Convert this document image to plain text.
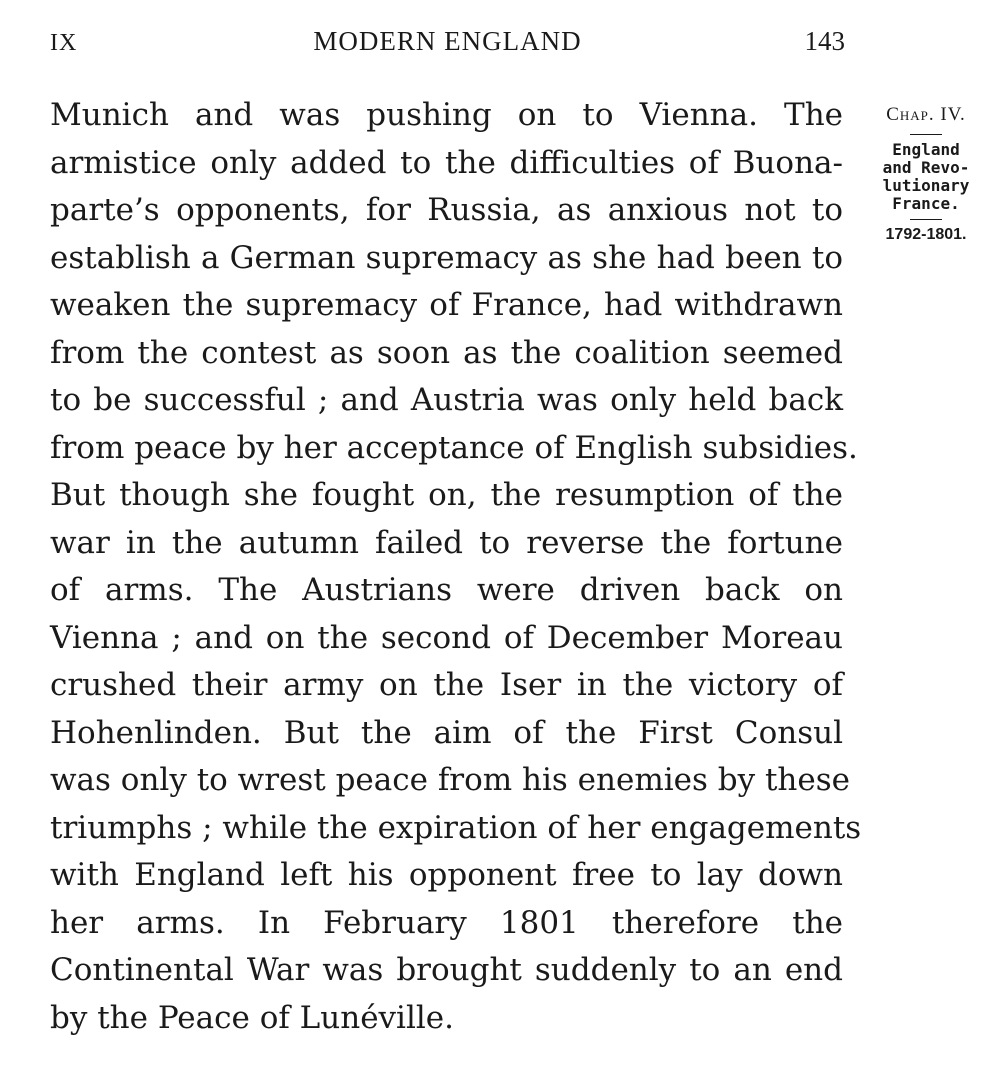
IX	MODERN ENGLAND	143
Munich and was pushing on to Vienna. The
armistice only added to the difficulties of Buona-
parte’s opponents, for Russia, as anxious not to
establish a German supremacy as she had been to
weaken the supremacy of France, had withdrawn
from the contest as soon as the coalition seemed
to be successful ; and Austria was only held back
from peace by her acceptance of English subsidies.
But though she fought on, the resumption of the
war in the autumn failed to reverse the fortune
of arms. The Austrians were driven back on
Vienna ; and on the second of December Moreau
crushed their army on the Iser in the victory of
Hohenlinden. But the aim of the First Consul
was only to wrest peace from his enemies by these
triumphs ; while the expiration of her engagements
with England left his opponent free to lay down
her arms. In February 1801 therefore the
Continental War was brought suddenly to an end
by the Peace of Lunéville.
Chap. IV.
England
and Revo-
lutionary
France.
1792-1801.
